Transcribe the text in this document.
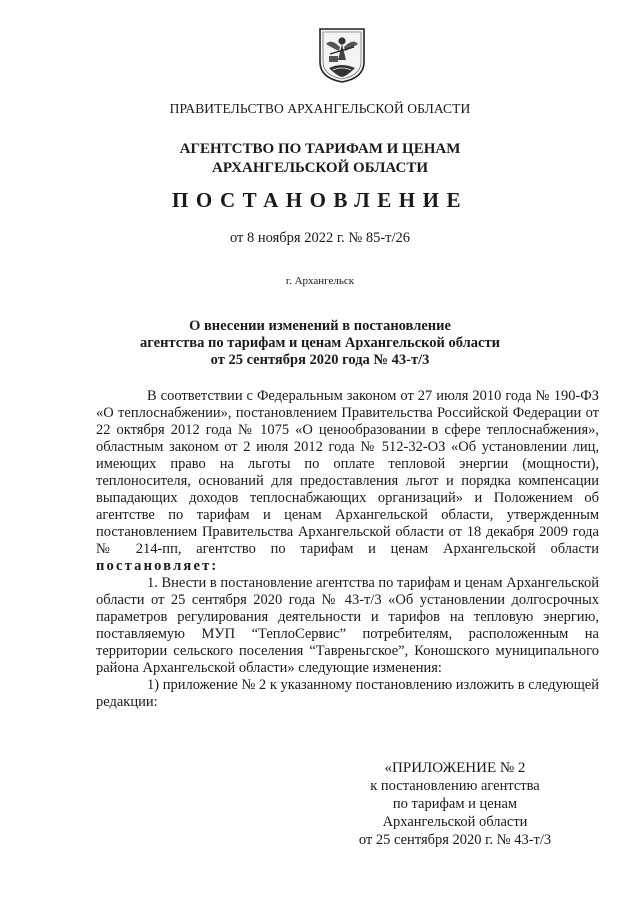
ПРАВИТЕЛЬСТВО АРХАНГЕЛЬСКОЙ ОБЛАСТИ
АГЕНТСТВО ПО ТАРИФАМ И ЦЕНАМ
АРХАНГЕЛЬСКОЙ ОБЛАСТИ
ПОСТАНОВЛЕНИЕ
от 8 ноября 2022 г. № 85-т/26
г. Архангельск
О внесении изменений в постановление
агентства по тарифам и ценам Архангельской области
от 25 сентября 2020 года № 43-т/3

В соответствии с Федеральным законом от 27 июля 2010 года № 190-ФЗ «О теплоснабжении», постановлением Правительства Российской Федерации от 22 октября 2012 года № 1075 «О ценообразовании в сфере теплоснабжения», областным законом от 2 июля 2012 года № 512-32-ОЗ «Об установлении лиц, имеющих право на льготы по оплате тепловой энергии (мощности), теплоносителя, оснований для предоставления льгот и порядка компенсации выпадающих доходов теплоснабжающих организаций» и Положением об агентстве по тарифам и ценам Архангельской области, утвержденным постановлением Правительства Архангельской области от 18 декабря 2009 года № 214-пп, агентство по тарифам и ценам Архангельской области постановляет:

1. Внести в постановление агентства по тарифам и ценам Архангельской области от 25 сентября 2020 года № 43-т/3 «Об установлении долгосрочных параметров регулирования деятельности и тарифов на тепловую энергию, поставляемую МУП “ТеплоСервис” потребителям, расположенным на территории сельского поселения “Тавреньгское”, Коношского муниципального района Архангельской области» следующие изменения:

1) приложение № 2 к указанному постановлению изложить в следующей редакции:

«ПРИЛОЖЕНИЕ № 2
к постановлению агентства
по тарифам и ценам
Архангельской области
от 25 сентября 2020 г. № 43-т/3
